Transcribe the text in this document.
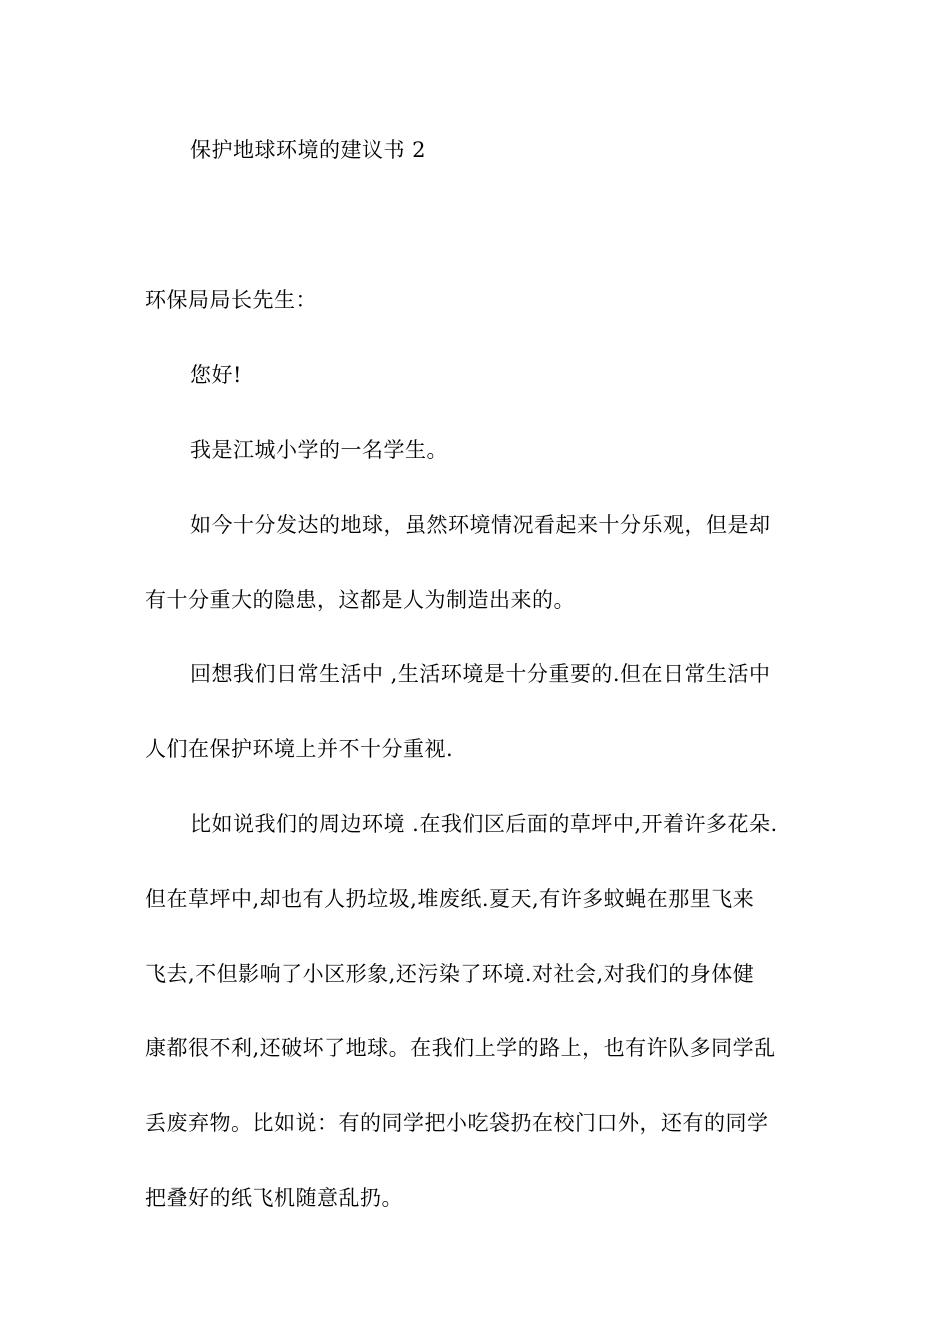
保护地球环境的建议书 2
环保局局长先生：
您好!
我是江城小学的一名学生。
如今十分发达的地球，虽然环境情况看起来十分乐观，但是却
有十分重大的隐患，这都是人为制造出来的。
回想我们日常生活中 ,生活环境是十分重要的.但在日常生活中
人们在保护环境上并不十分重视.
比如说我们的周边环境 .在我们区后面的草坪中,开着许多花朵.
但在草坪中,却也有人扔垃圾,堆废纸.夏天,有许多蚊蝇在那里飞来
飞去,不但影响了小区形象,还污染了环境.对社会,对我们的身体健
康都很不利,还破坏了地球。在我们上学的路上，也有许队多同学乱
丢废弃物。比如说：有的同学把小吃袋扔在校门口外，还有的同学
把叠好的纸飞机随意乱扔。
